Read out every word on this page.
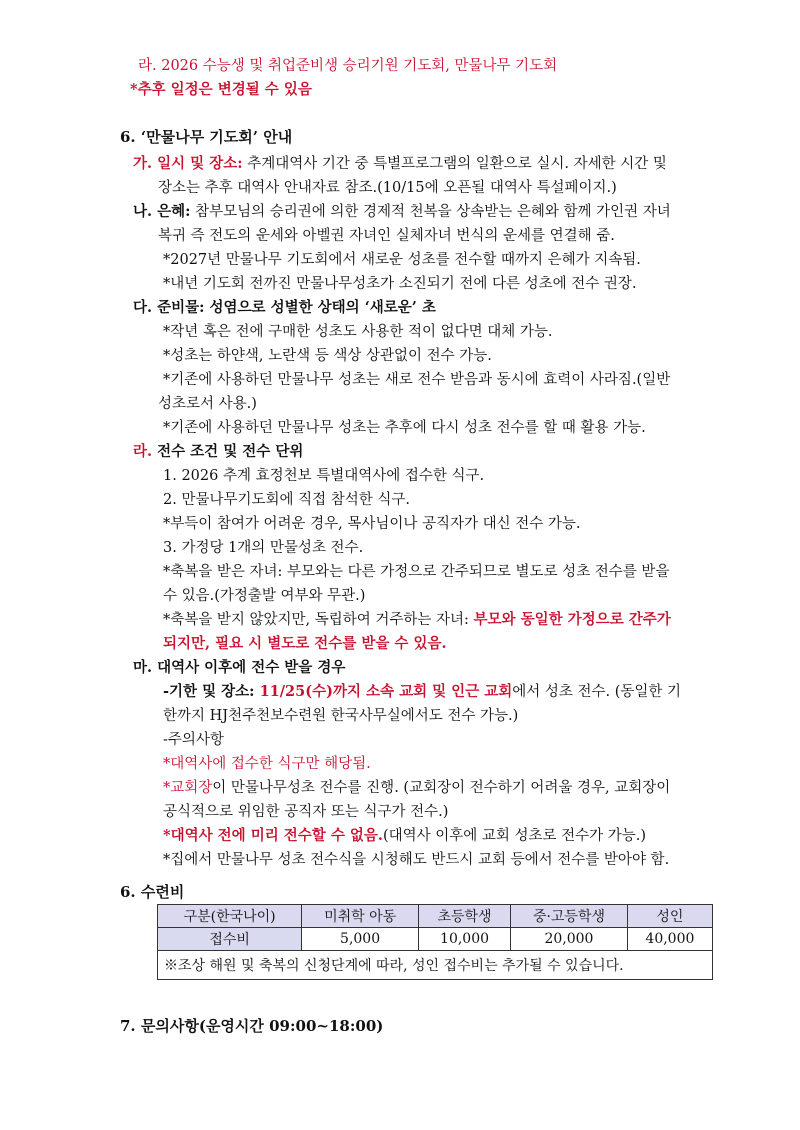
라. 2026 수능생 및 취업준비생 승리기원 기도회, 만물나무 기도회
*추후 일정은 변경될 수 있음
6. ‘만물나무 기도회’ 안내
가. 일시 및 장소: 추계대역사 기간 중 특별프로그램의 일환으로 실시. 자세한 시간 및
장소는 추후 대역사 안내자료 참조.(10/15에 오픈될 대역사 특설페이지.)
나. 은혜: 참부모님의 승리권에 의한 경제적 천복을 상속받는 은혜와 함께 가인권 자녀
복귀 즉 전도의 운세와 아벨권 자녀인 실체자녀 번식의 운세를 연결해 줌.
*2027년 만물나무 기도회에서 새로운 성초를 전수할 때까지 은혜가 지속됨.
*내년 기도회 전까진 만물나무성초가 소진되기 전에 다른 성초에 전수 권장.
다. 준비물: 성염으로 성별한 상태의 ‘새로운’ 초
*작년 혹은 전에 구매한 성초도 사용한 적이 없다면 대체 가능.
*성초는 하얀색, 노란색 등 색상 상관없이 전수 가능.
*기존에 사용하던 만물나무 성초는 새로 전수 받음과 동시에 효력이 사라짐.(일반
성초로서 사용.)
*기존에 사용하던 만물나무 성초는 추후에 다시 성초 전수를 할 때 활용 가능.
라. 전수 조건 및 전수 단위
1. 2026 추계 효정천보 특별대역사에 접수한 식구.
2. 만물나무기도회에 직접 참석한 식구.
*부득이 참여가 어려운 경우, 목사님이나 공직자가 대신 전수 가능.
3. 가정당 1개의 만물성초 전수.
*축복을 받은 자녀: 부모와는 다른 가정으로 간주되므로 별도로 성초 전수를 받을
수 있음.(가정출발 여부와 무관.)
*축복을 받지 않았지만, 독립하여 거주하는 자녀: 부모와 동일한 가정으로 간주가
되지만, 필요 시 별도로 전수를 받을 수 있음.
마. 대역사 이후에 전수 받을 경우
-기한 및 장소: 11/25(수)까지 소속 교회 및 인근 교회에서 성초 전수. (동일한 기
한까지 HJ천주천보수련원 한국사무실에서도 전수 가능.)
-주의사항
*대역사에 접수한 식구만 해당됨.
*교회장이 만물나무성초 전수를 진행. (교회장이 전수하기 어려울 경우, 교회장이
공식적으로 위임한 공직자 또는 식구가 전수.)
*대역사 전에 미리 전수할 수 없음.(대역사 이후에 교회 성초로 전수가 가능.)
*집에서 만물나무 성초 전수식을 시청해도 반드시 교회 등에서 전수를 받아야 함.
6. 수련비
구분(한국나이)	미취학 아동	초등학생	중·고등학생	성인
접수비	5,000	10,000	20,000	40,000
※조상 해원 및 축복의 신청단계에 따라, 성인 접수비는 추가될 수 있습니다.				
7. 문의사항(운영시간 09:00~18:00)
